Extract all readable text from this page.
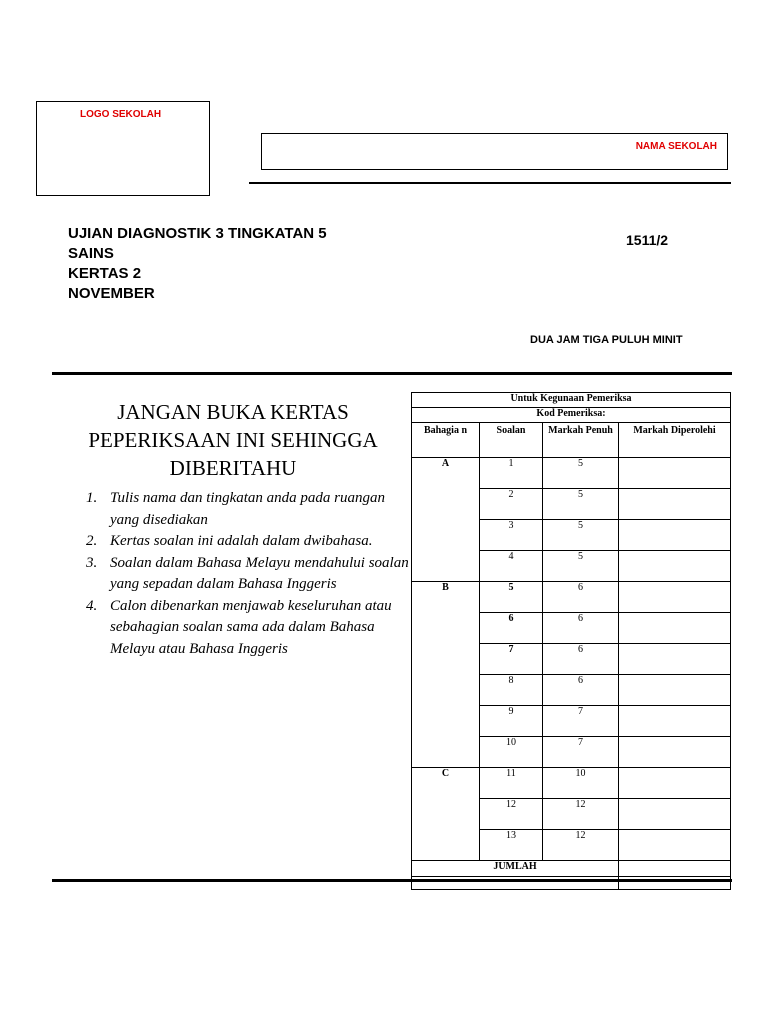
LOGO SEKOLAH
NAMA SEKOLAH
UJIAN DIAGNOSTIK 3 TINGKATAN 5
SAINS
KERTAS 2
NOVEMBER
1511/2
DUA JAM TIGA PULUH MINIT
JANGAN BUKA KERTAS
PEPERIKSAAN INI SEHINGGA
DIBERITAHU
1. Tulis nama dan tingkatan anda pada ruangan yang disediakan
2. Kertas soalan ini adalah dalam dwibahasa.
3. Soalan dalam Bahasa Melayu mendahului soalan yang sepadan dalam Bahasa Inggeris
4. Calon dibenarkan menjawab keseluruhan atau sebahagian soalan sama ada dalam Bahasa Melayu atau Bahasa Inggeris
Untuk Kegunaan Pemeriksa			
Kod Pemeriksa:			
Bahagia n	Soalan	Markah Penuh	Markah Diperolehi
A	1	5	
	2	5	
	3	5	
	4	5	
B	5	6	
	6	6	
	7	6	
	8	6	
	9	7	
	10	7	
C	11	10	
	12	12	
	13	12	
JUMLAH			
